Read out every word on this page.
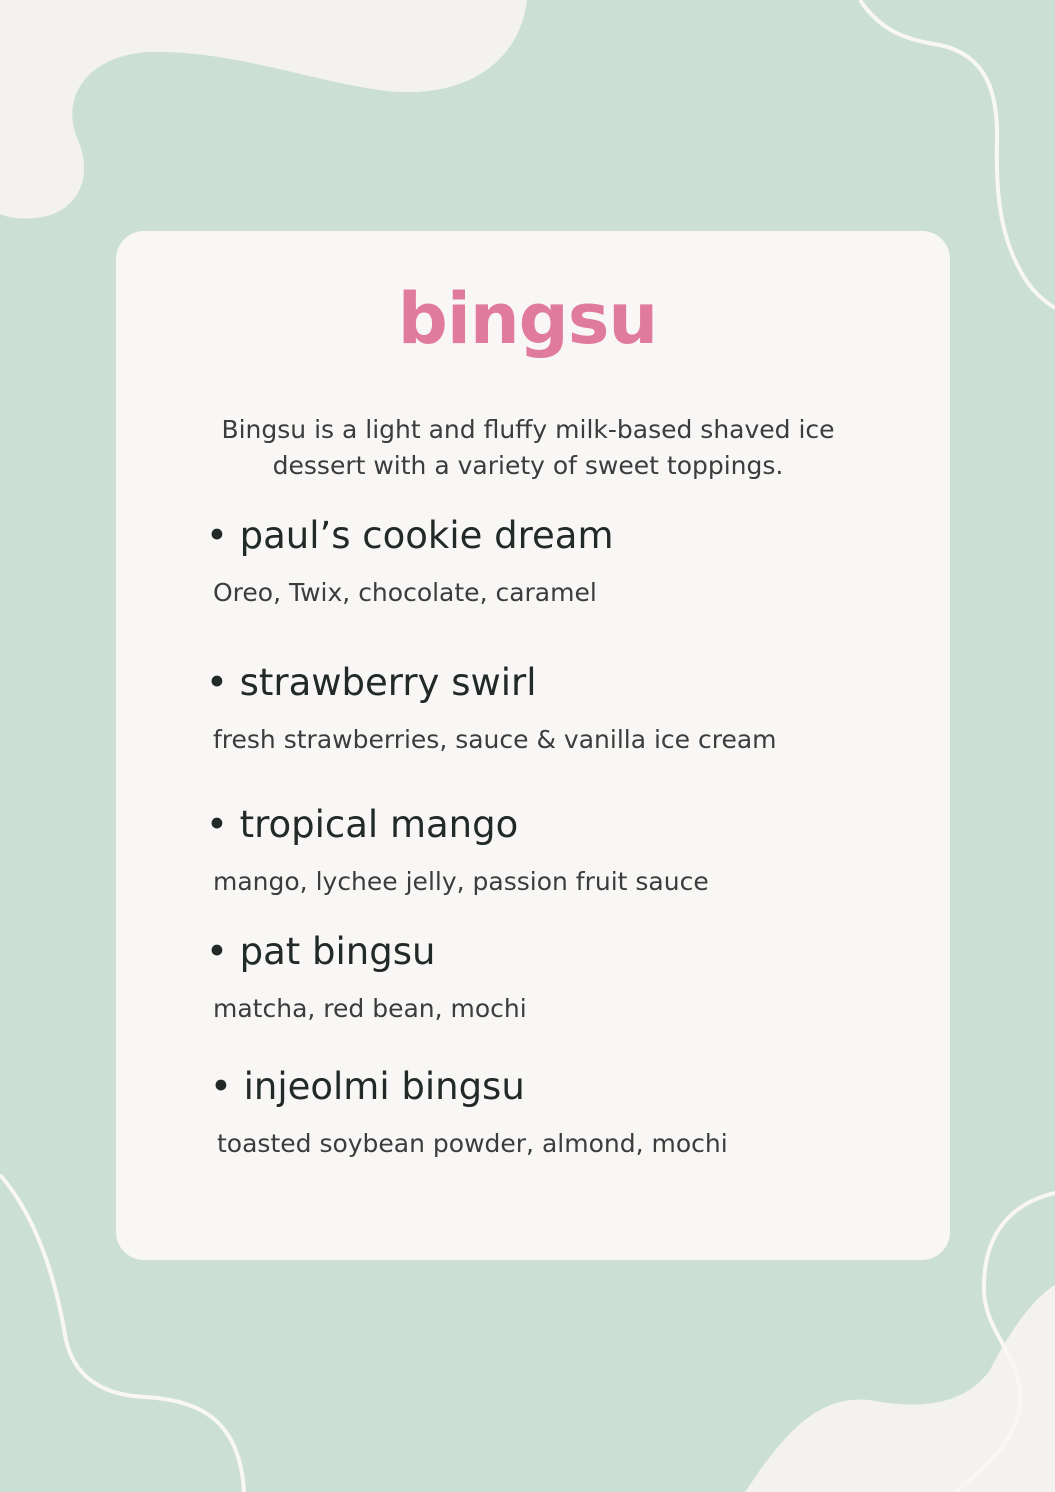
bingsu
Bingsu is a light and fluffy milk-based shaved ice dessert with a variety of sweet toppings.
• paul’s cookie dream
Oreo, Twix, chocolate, caramel
• strawberry swirl
fresh strawberries, sauce & vanilla ice cream
• tropical mango
mango, lychee jelly, passion fruit sauce
• pat bingsu
matcha, red bean, mochi
• injeolmi bingsu
toasted soybean powder, almond, mochi
